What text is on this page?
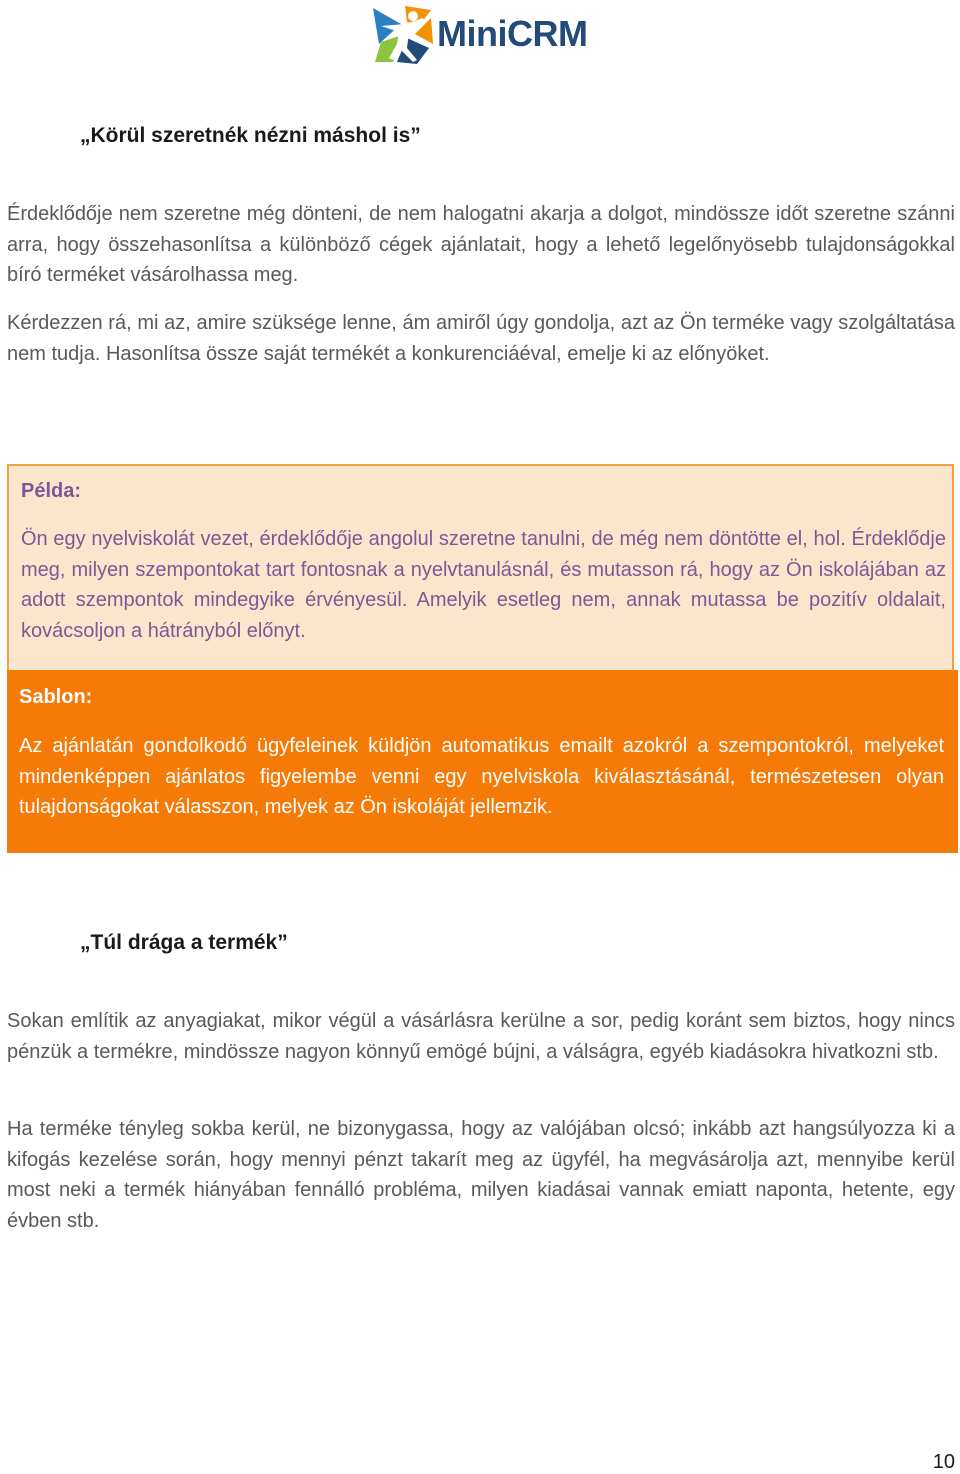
MiniCRM
„Körül szeretnék nézni máshol is”

Érdeklődője nem szeretne még dönteni, de nem halogatni akarja a dolgot, mindössze időt szeretne szánni arra, hogy összehasonlítsa a különböző cégek ajánlatait, hogy a lehető legelőnyösebb tulajdonságokkal bíró terméket vásárolhassa meg.

Kérdezzen rá, mi az, amire szüksége lenne, ám amiről úgy gondolja, azt az Ön terméke vagy szolgáltatása nem tudja. Hasonlítsa össze saját termékét a konkurenciáéval, emelje ki az előnyöket.

Példa:

Ön egy nyelviskolát vezet, érdeklődője angolul szeretne tanulni, de még nem döntötte el, hol. Érdeklődje meg, milyen szempontokat tart fontosnak a nyelvtanulásnál, és mutasson rá, hogy az Ön iskolájában az adott szempontok mindegyike érvényesül. Amelyik esetleg nem, annak mutassa be pozitív oldalait, kovácsoljon a hátrányból előnyt.

Sablon:

Az ajánlatán gondolkodó ügyfeleinek küldjön automatikus emailt azokról a szempontokról, melyeket mindenképpen ajánlatos figyelembe venni egy nyelviskola kiválasztásánál, természetesen olyan tulajdonságokat válasszon, melyek az Ön iskoláját jellemzik.

„Túl drága a termék”

Sokan említik az anyagiakat, mikor végül a vásárlásra kerülne a sor, pedig koránt sem biztos, hogy nincs pénzük a termékre, mindössze nagyon könnyű emögé bújni, a válságra, egyéb kiadásokra hivatkozni stb.

Ha terméke tényleg sokba kerül, ne bizonygassa, hogy az valójában olcsó; inkább azt hangsúlyozza ki a kifogás kezelése során, hogy mennyi pénzt takarít meg az ügyfél, ha megvásárolja azt, mennyibe kerül most neki a termék hiányában fennálló probléma, milyen kiadásai vannak emiatt naponta, hetente, egy évben stb.

10
